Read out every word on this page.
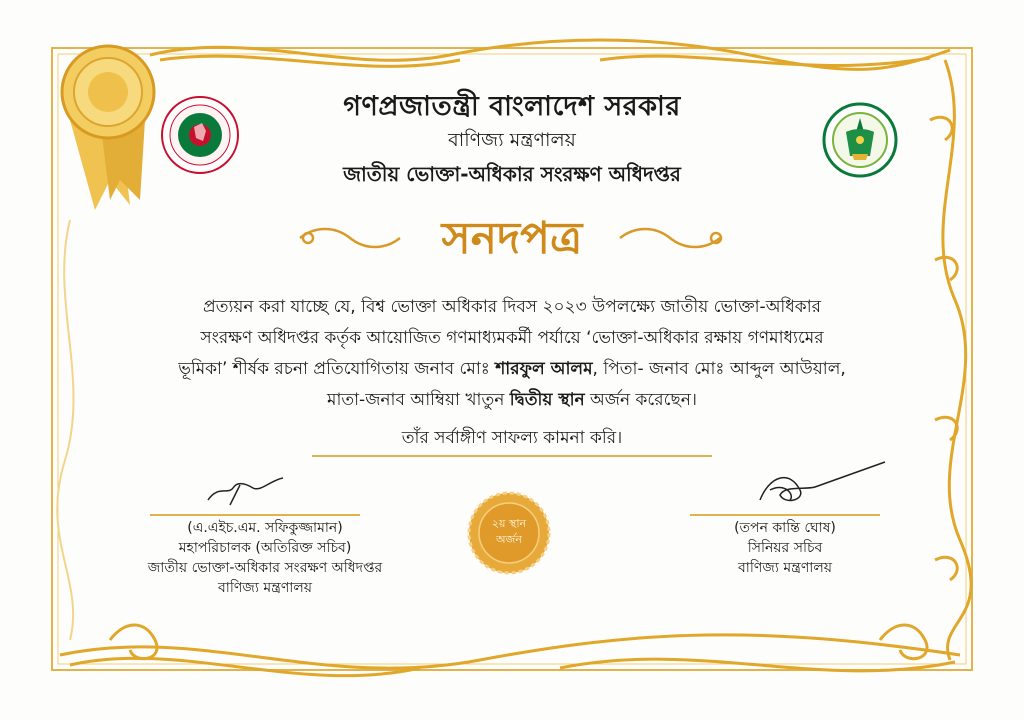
গণপ্রজাতন্ত্রী বাংলাদেশ সরকার
বাণিজ্য মন্ত্রণালয়
জাতীয় ভোক্তা-অধিকার সংরক্ষণ অধিদপ্তর
সনদপত্র
প্রত্যয়ন করা যাচ্ছে যে, বিশ্ব ভোক্তা অধিকার দিবস ২০২৩ উপলক্ষ্যে জাতীয় ভোক্তা-অধিকার
সংরক্ষণ অধিদপ্তর কর্তৃক আয়োজিত গণমাধ্যমকর্মী পর্যায়ে ‘ভোক্তা-অধিকার রক্ষায় গণমাধ্যমের
ভূমিকা’ শীর্ষক রচনা প্রতিযোগিতায় জনাব মোঃ শারফুল আলম, পিতা- জনাব মোঃ আব্দুল আউয়াল,
মাতা-জনাব আম্বিয়া খাতুন দ্বিতীয় স্থান অর্জন করেছেন।
তাঁর সর্বাঙ্গীণ সাফল্য কামনা করি।
২য় স্থান
অর্জন
(এ.এইচ.এম. সফিকুজ্জামান)
মহাপরিচালক (অতিরিক্ত সচিব)
জাতীয় ভোক্তা-অধিকার সংরক্ষণ অধিদপ্তর
বাণিজ্য মন্ত্রণালয়
(তপন কান্তি ঘোষ)
সিনিয়র সচিব
বাণিজ্য মন্ত্রণালয়
